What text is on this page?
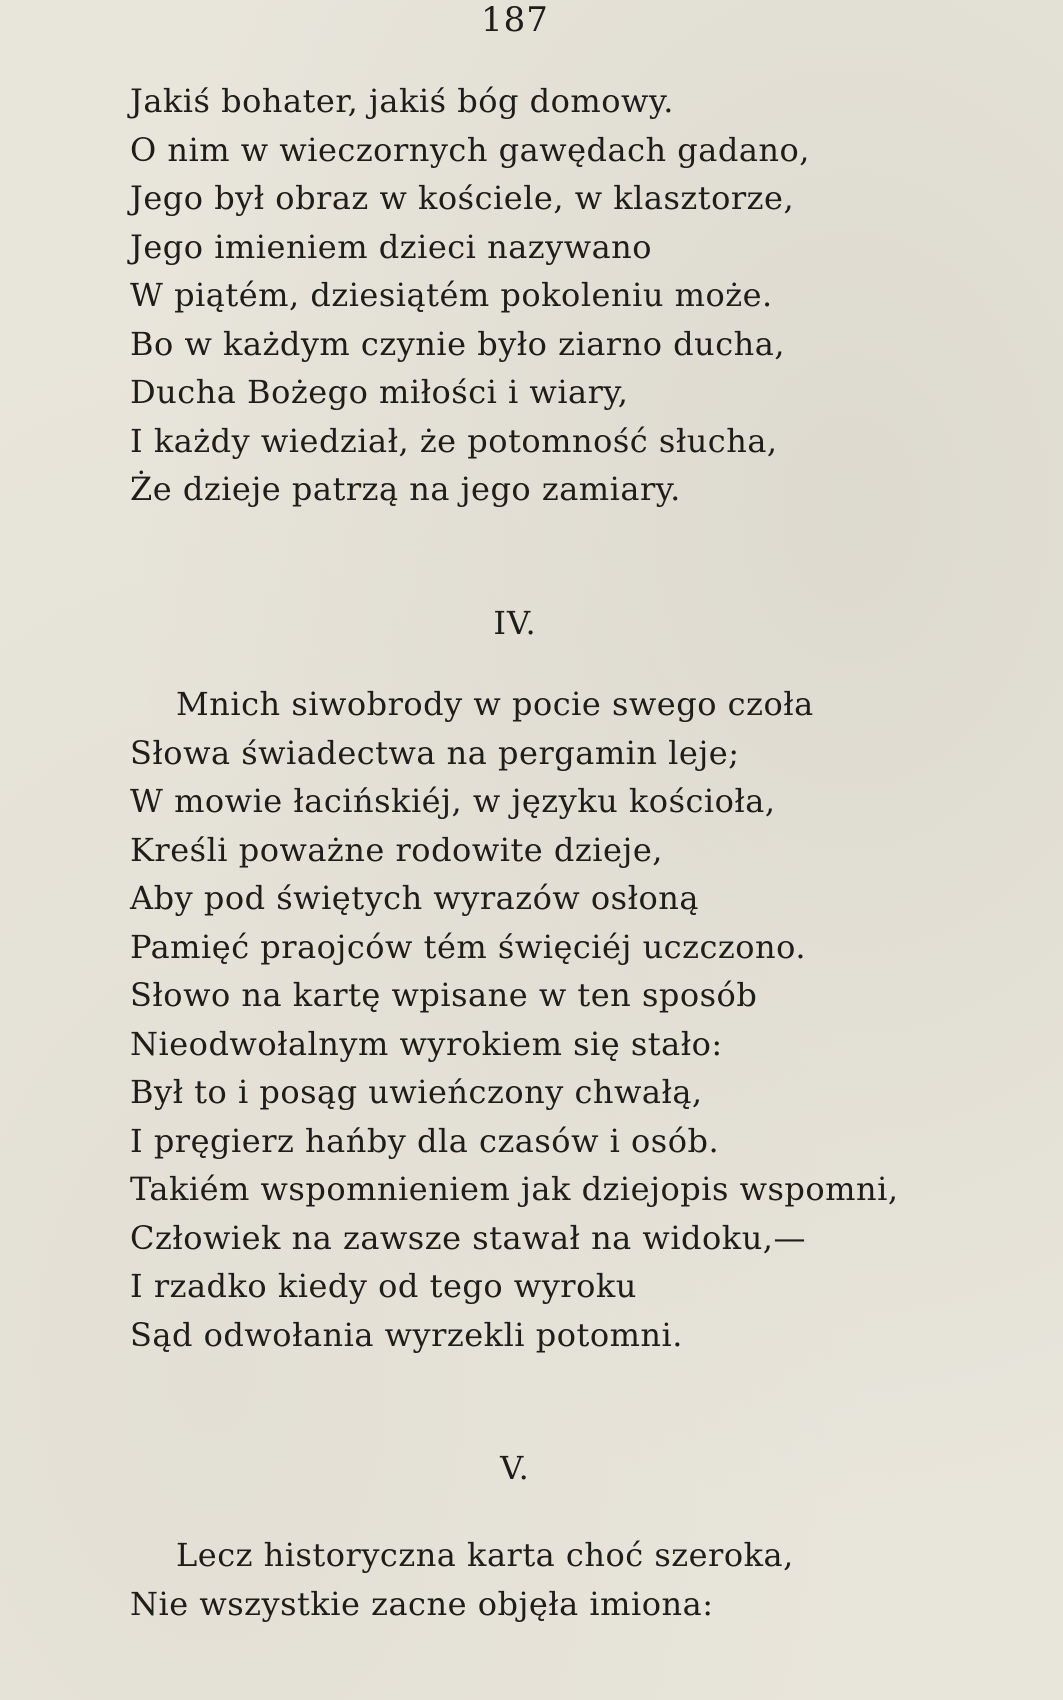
187
Jakiś bohater, jakiś bóg domowy.
O nim w wieczornych gawędach gadano,
Jego był obraz w kościele, w klasztorze,
Jego imieniem dzieci nazywano
W piątém, dziesiątém pokoleniu może.
Bo w każdym czynie było ziarno ducha,
Ducha Bożego miłości i wiary,
I każdy wiedział, że potomność słucha,
Że dzieje patrzą na jego zamiary.
IV.
Mnich siwobrody w pocie swego czoła
Słowa świadectwa na pergamin leje;
W mowie łacińskiéj, w języku kościoła,
Kreśli poważne rodowite dzieje,
Aby pod świętych wyrazów osłoną
Pamięć praojców tém święciéj uczczono.
Słowo na kartę wpisane w ten sposób
Nieodwołalnym wyrokiem się stało:
Był to i posąg uwieńczony chwałą,
I pręgierz hańby dla czasów i osób.
Takiém wspomnieniem jak dziejopis wspomni,
Człowiek na zawsze stawał na widoku,—
I rzadko kiedy od tego wyroku
Sąd odwołania wyrzekli potomni.
V.
Lecz historyczna karta choć szeroka,
Nie wszystkie zacne objęła imiona:
